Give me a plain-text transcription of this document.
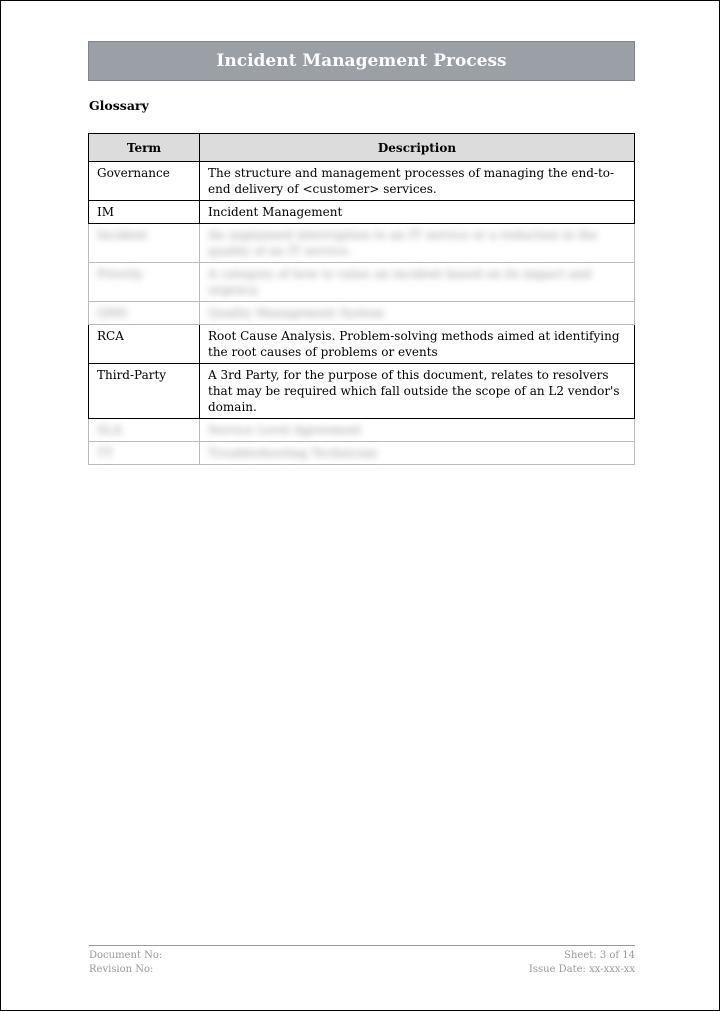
Incident Management Process
Glossary
Term	Description
Governance	The structure and management processes of managing the end-to-end delivery of <customer> services.
IM	Incident Management
Incident	An unplanned interruption to an IT service or a reduction in the quality of an IT service.
Priority	A category of how to value an incident based on its impact and urgency.
QMS	Quality Management System
RCA	Root Cause Analysis. Problem-solving methods aimed at identifying the root causes of problems or events
Third-Party	A 3rd Party, for the purpose of this document, relates to resolvers that may be required which fall outside the scope of an L2 vendor's domain.
SLA	Service Level Agreement
TT	Troubleshooting Technician
Document No:	Sheet: 3 of 14
Revision No:	Issue Date: xx-xxx-xx
